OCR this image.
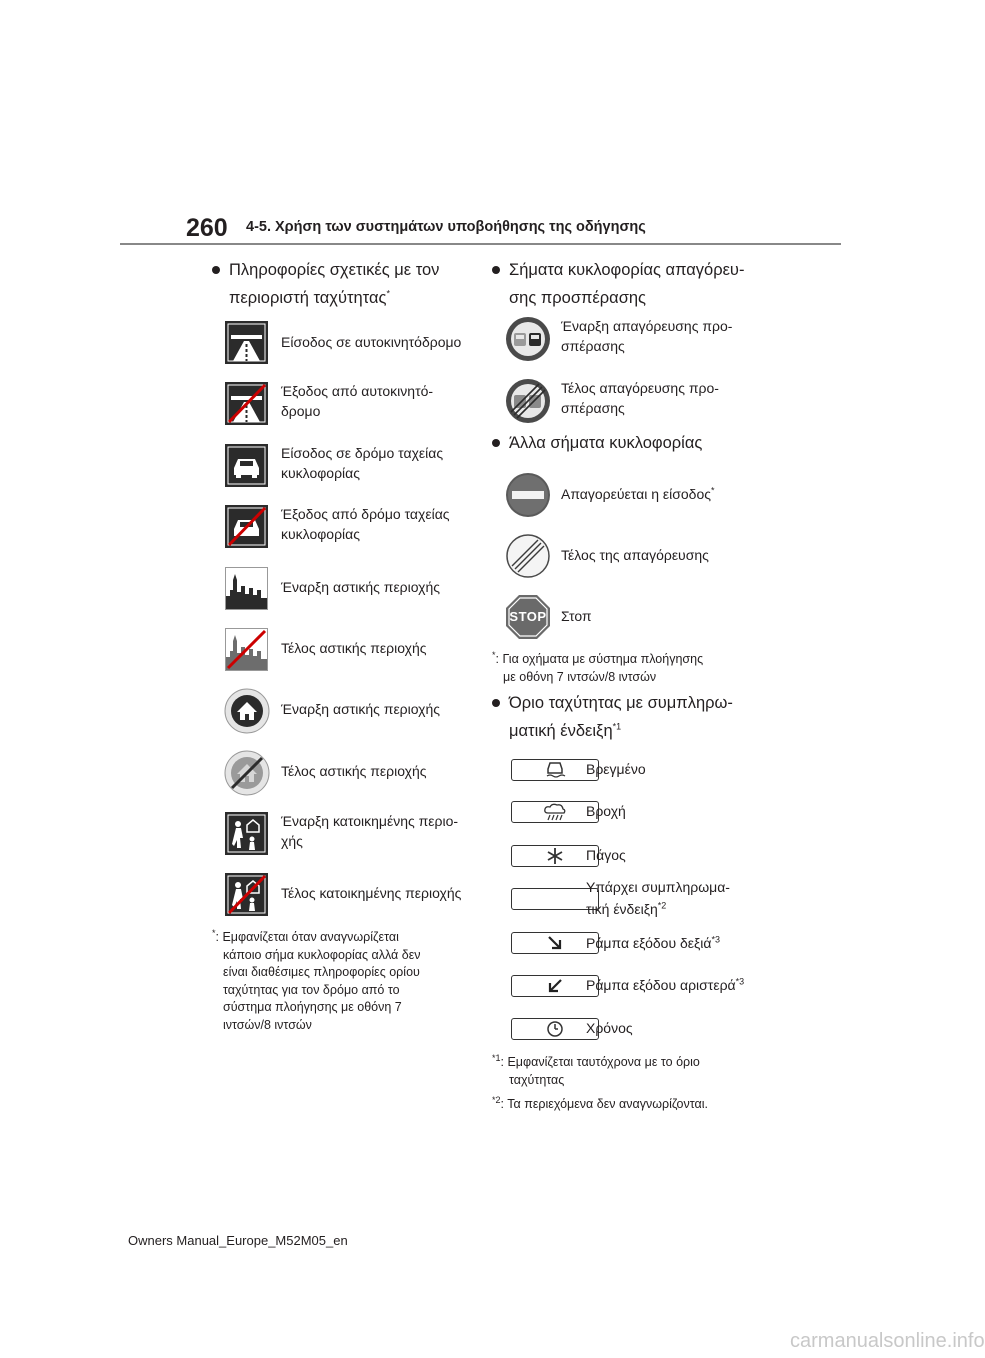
260 4-5. Χρήση των συστημάτων υποβοήθησης της οδήγησης
Πληροφορίες σχετικές με τον
περιοριστή ταχύτητας*
Είσοδος σε αυτοκινητόδρομο
Έξοδος από αυτοκινητό-
δρομο
Είσοδος σε δρόμο ταχείας
κυκλοφορίας
Έξοδος από δρόμο ταχείας
κυκλοφορίας
Έναρξη αστικής περιοχής
Τέλος αστικής περιοχής
Έναρξη αστικής περιοχής
Τέλος αστικής περιοχής
Έναρξη κατοικημένης περιο-
χής
Τέλος κατοικημένης περιοχής
*: Εμφανίζεται όταν αναγνωρίζεται
κάποιο σήμα κυκλοφορίας αλλά δεν
είναι διαθέσιμες πληροφορίες ορίου
ταχύτητας για τον δρόμο από το
σύστημα πλοήγησης με οθόνη 7
ιντσών/8 ιντσών
Σήματα κυκλοφορίας απαγόρευ-
σης προσπέρασης
Έναρξη απαγόρευσης προ-
σπέρασης
Τέλος απαγόρευσης προ-
σπέρασης
Άλλα σήματα κυκλοφορίας
Απαγορεύεται η είσοδος*
Τέλος της απαγόρευσης
STOP	Στοπ
*: Για οχήματα με σύστημα πλοήγησης
με οθόνη 7 ιντσών/8 ιντσών
Όριο ταχύτητας με συμπληρω-
ματική ένδειξη$^{*1}$
Βρεγμένο
Βροχή
Πάγος
Υπάρχει συμπληρωμα-
τική ένδειξη$^{*2}$
Ράμπα εξόδου δεξιά$^{*3}$
Ράμπα εξόδου αριστερά$^{*3}$
Χρόνος
$^{*1}$: Εμφανίζεται ταυτόχρονα με το όριο
ταχύτητας
$^{*2}$: Τα περιεχόμενα δεν αναγνωρίζονται.
Owners Manual_Europe_M52M05_en
carmanualsonline.info
